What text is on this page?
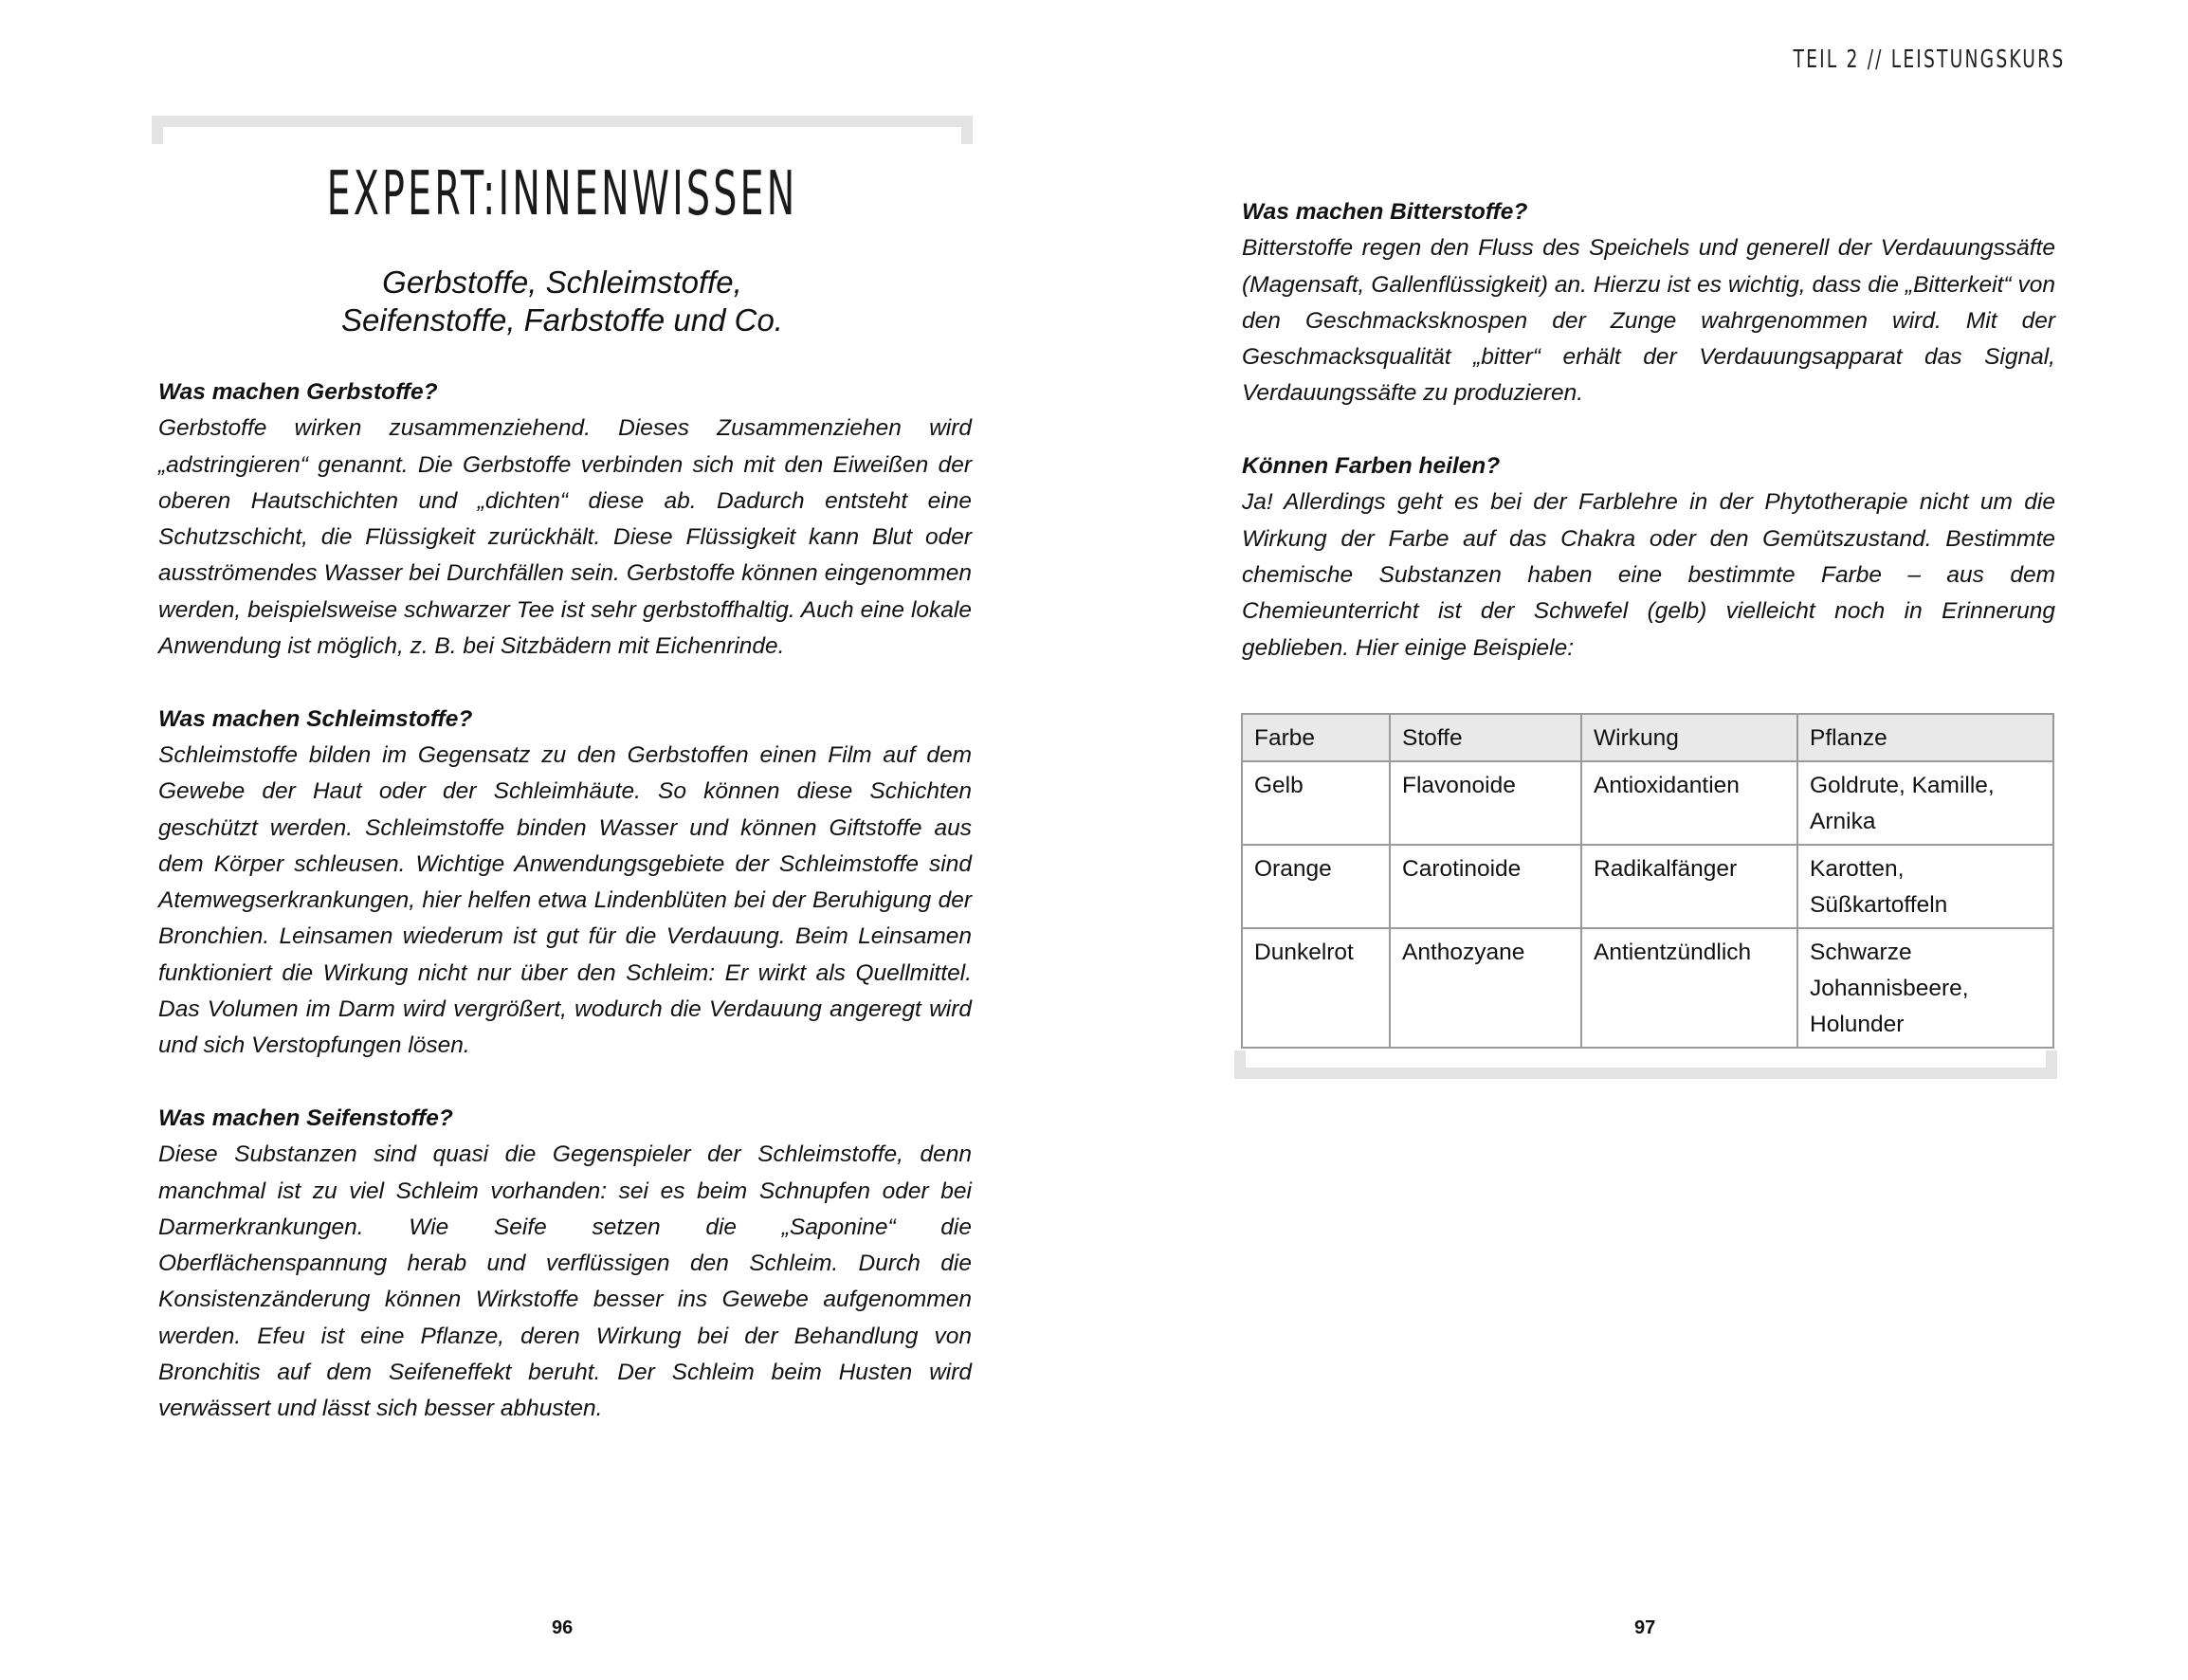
TEIL 2 // LEISTUNGSKURS
EXPERT:INNENWISSEN
Gerbstoffe, Schleimstoffe,
Seifenstoffe, Farbstoffe und Co.

Was machen Gerbstoffe?

Gerbstoffe wirken zusammenziehend. Dieses Zusammenziehen wird „adstringieren“ genannt. Die Gerbstoffe verbinden sich mit den Eiweißen der oberen Hautschichten und „dichten“ diese ab. Dadurch entsteht eine Schutzschicht, die Flüssigkeit zurückhält. Diese Flüssigkeit kann Blut oder ausströmendes Wasser bei Durchfällen sein. Gerbstoffe können eingenommen werden, beispielsweise schwarzer Tee ist sehr gerbstoffhaltig. Auch eine lokale Anwendung ist möglich, z. B. bei Sitzbädern mit Eichenrinde.

Was machen Schleimstoffe?

Schleimstoffe bilden im Gegensatz zu den Gerbstoffen einen Film auf dem Gewebe der Haut oder der Schleimhäute. So können diese Schichten geschützt werden. Schleimstoffe binden Wasser und können Giftstoffe aus dem Körper schleusen. Wichtige Anwendungsgebiete der Schleimstoffe sind Atemwegserkrankungen, hier helfen etwa Lindenblüten bei der Beruhigung der Bronchien. Leinsamen wiederum ist gut für die Verdauung. Beim Leinsamen funktioniert die Wirkung nicht nur über den Schleim: Er wirkt als Quellmittel. Das Volumen im Darm wird vergrößert, wodurch die Verdauung angeregt wird und sich Verstopfungen lösen.

Was machen Seifenstoffe?

Diese Substanzen sind quasi die Gegenspieler der Schleimstoffe, denn manchmal ist zu viel Schleim vorhanden: sei es beim Schnupfen oder bei Darmerkrankungen. Wie Seife setzen die „Saponine“ die Oberflächenspannung herab und verflüssigen den Schleim. Durch die Konsistenzänderung können Wirkstoffe besser ins Gewebe aufgenommen werden. Efeu ist eine Pflanze, deren Wirkung bei der Behandlung von Bronchitis auf dem Seifeneffekt beruht. Der Schleim beim Husten wird verwässert und lässt sich besser abhusten.

Was machen Bitterstoffe?

Bitterstoffe regen den Fluss des Speichels und generell der Verdauungssäfte (Magensaft, Gallenflüssigkeit) an. Hierzu ist es wichtig, dass die „Bitterkeit“ von den Geschmacksknospen der Zunge wahrgenommen wird. Mit der Geschmacksqualität „bitter“ erhält der Verdauungsapparat das Signal, Verdauungssäfte zu produzieren.

Können Farben heilen?

Ja! Allerdings geht es bei der Farblehre in der Phytotherapie nicht um die Wirkung der Farbe auf das Chakra oder den Gemütszustand. Bestimmte chemische Substanzen haben eine bestimmte Farbe – aus dem Chemieunterricht ist der Schwefel (gelb) vielleicht noch in Erinnerung geblieben. Hier einige Beispiele:

Farbe	Stoffe	Wirkung	Pflanze
Gelb	Flavonoide	Antioxidantien	Goldrute, Kamille, Arnika
Orange	Carotinoide	Radikalfänger	Karotten, Süßkartoffeln
Dunkelrot	Anthozyane	Antientzündlich	Schwarze Johannisbeere, Holunder
96	97
